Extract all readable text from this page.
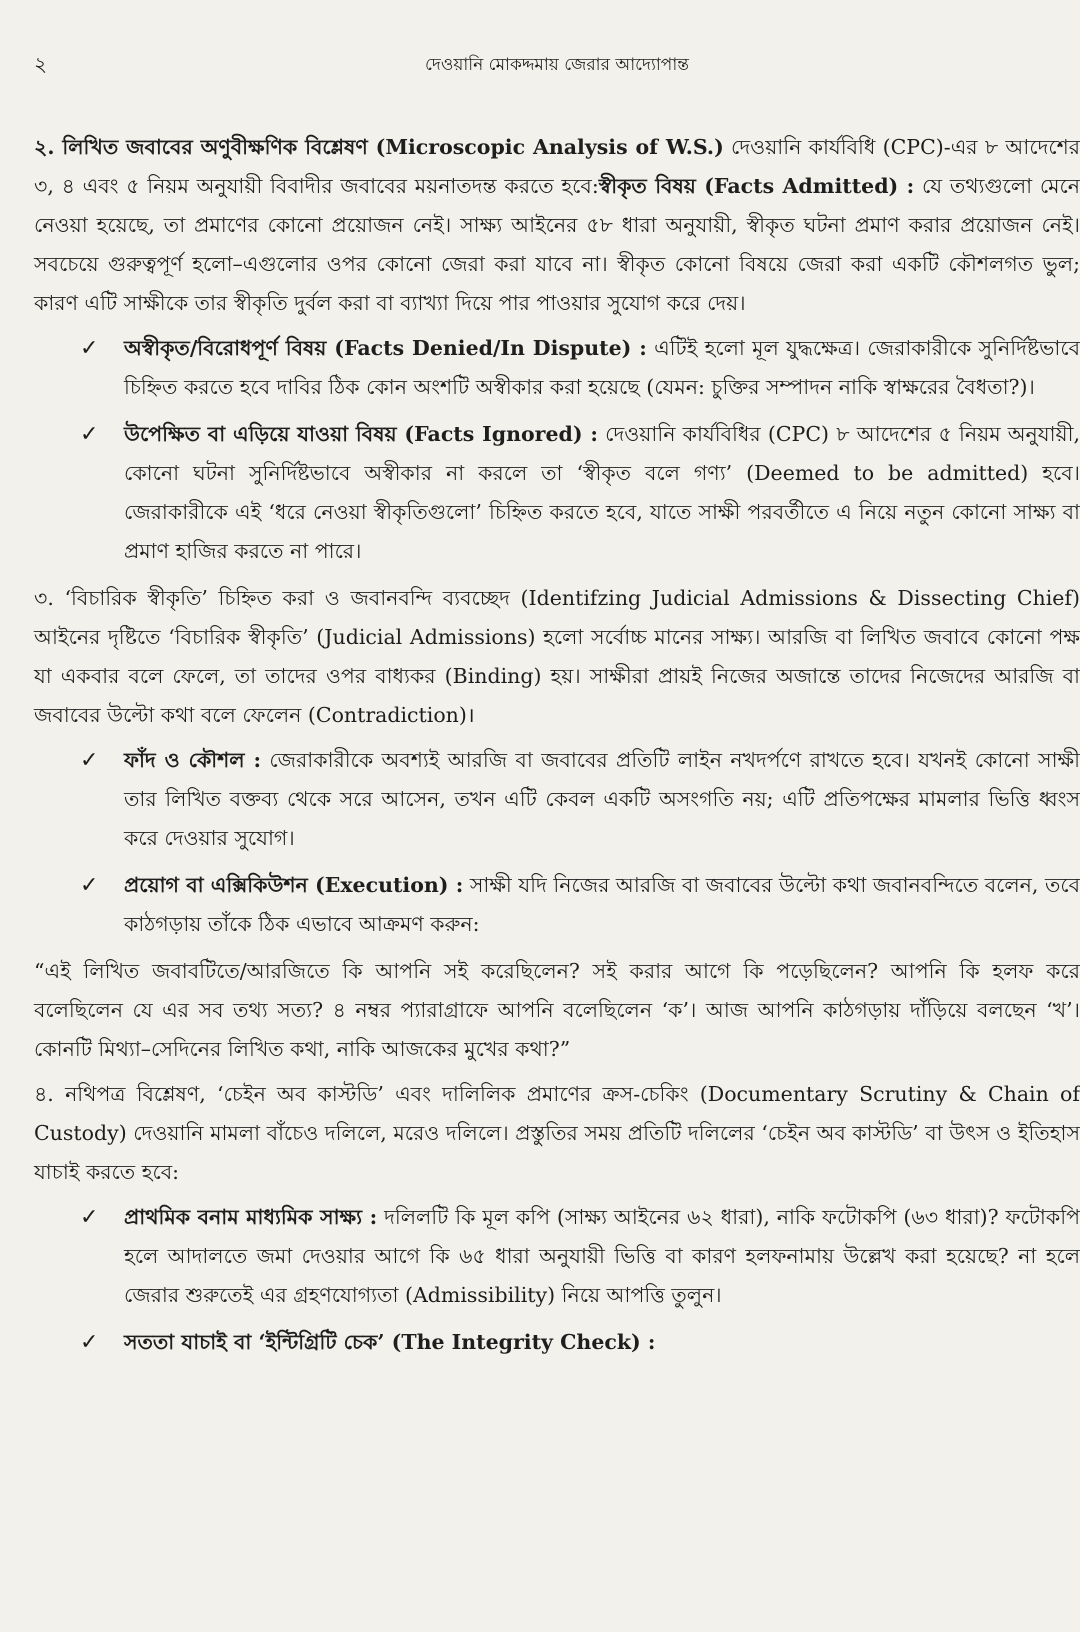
২	দেওয়ানি মোকদ্দমায় জেরার আদ্যোপান্ত

২. লিখিত জবাবের অণুবীক্ষণিক বিশ্লেষণ (Microscopic Analysis of W.S.) দেওয়ানি কার্যবিধি (CPC)-এর ৮ আদেশের ৩, ৪ এবং ৫ নিয়ম অনুযায়ী বিবাদীর জবাবের ময়নাতদন্ত করতে হবে:স্বীকৃত বিষয় (Facts Admitted) : যে তথ্যগুলো মেনে নেওয়া হয়েছে, তা প্রমাণের কোনো প্রয়োজন নেই। সাক্ষ্য আইনের ৫৮ ধারা অনুযায়ী, স্বীকৃত ঘটনা প্রমাণ করার প্রয়োজন নেই। সবচেয়ে গুরুত্বপূর্ণ হলো–এগুলোর ওপর কোনো জেরা করা যাবে না। স্বীকৃত কোনো বিষয়ে জেরা করা একটি কৌশলগত ভুল; কারণ এটি সাক্ষীকে তার স্বীকৃতি দুর্বল করা বা ব্যাখ্যা দিয়ে পার পাওয়ার সুযোগ করে দেয়।

✓ অস্বীকৃত/বিরোধপূর্ণ বিষয় (Facts Denied/In Dispute) : এটিই হলো মূল যুদ্ধক্ষেত্র। জেরাকারীকে সুনির্দিষ্টভাবে চিহ্নিত করতে হবে দাবির ঠিক কোন অংশটি অস্বীকার করা হয়েছে (যেমন: চুক্তির সম্পাদন নাকি স্বাক্ষরের বৈধতা?)।
✓ উপেক্ষিত বা এড়িয়ে যাওয়া বিষয় (Facts Ignored) : দেওয়ানি কার্যবিধির (CPC) ৮ আদেশের ৫ নিয়ম অনুযায়ী, কোনো ঘটনা সুনির্দিষ্টভাবে অস্বীকার না করলে তা ‘স্বীকৃত বলে গণ্য’ (Deemed to be admitted) হবে। জেরাকারীকে এই ‘ধরে নেওয়া স্বীকৃতিগুলো’ চিহ্নিত করতে হবে, যাতে সাক্ষী পরবর্তীতে এ নিয়ে নতুন কোনো সাক্ষ্য বা প্রমাণ হাজির করতে না পারে।

৩. ‘বিচারিক স্বীকৃতি’ চিহ্নিত করা ও জবানবন্দি ব্যবচ্ছেদ (Identifzing Judicial Admissions & Dissecting Chief) আইনের দৃষ্টিতে ‘বিচারিক স্বীকৃতি’ (Judicial Admissions) হলো সর্বোচ্চ মানের সাক্ষ্য। আরজি বা লিখিত জবাবে কোনো পক্ষ যা একবার বলে ফেলে, তা তাদের ওপর বাধ্যকর (Binding) হয়। সাক্ষীরা প্রায়ই নিজের অজান্তে তাদের নিজেদের আরজি বা জবাবের উল্টো কথা বলে ফেলেন (Contradiction)।

✓ ফাঁদ ও কৌশল : জেরাকারীকে অবশ্যই আরজি বা জবাবের প্রতিটি লাইন নখদর্পণে রাখতে হবে। যখনই কোনো সাক্ষী তার লিখিত বক্তব্য থেকে সরে আসেন, তখন এটি কেবল একটি অসংগতি নয়; এটি প্রতিপক্ষের মামলার ভিত্তি ধ্বংস করে দেওয়ার সুযোগ।
✓ প্রয়োগ বা এক্সিকিউশন (Execution) : সাক্ষী যদি নিজের আরজি বা জবাবের উল্টো কথা জবানবন্দিতে বলেন, তবে কাঠগড়ায় তাঁকে ঠিক এভাবে আক্রমণ করুন:

“এই লিখিত জবাবটিতে/আরজিতে কি আপনি সই করেছিলেন? সই করার আগে কি পড়েছিলেন? আপনি কি হলফ করে বলেছিলেন যে এর সব তথ্য সত্য? ৪ নম্বর প্যারাগ্রাফে আপনি বলেছিলেন ‘ক’। আজ আপনি কাঠগড়ায় দাঁড়িয়ে বলছেন ‘খ’। কোনটি মিথ্যা–সেদিনের লিখিত কথা, নাকি আজকের মুখের কথা?”

৪. নথিপত্র বিশ্লেষণ, ‘চেইন অব কাস্টডি’ এবং দালিলিক প্রমাণের ক্রস-চেকিং (Documentary Scrutiny & Chain of Custody) দেওয়ানি মামলা বাঁচেও দলিলে, মরেও দলিলে। প্রস্তুতির সময় প্রতিটি দলিলের ‘চেইন অব কাস্টডি’ বা উৎস ও ইতিহাস যাচাই করতে হবে:

✓ প্রাথমিক বনাম মাধ্যমিক সাক্ষ্য : দলিলটি কি মূল কপি (সাক্ষ্য আইনের ৬২ ধারা), নাকি ফটোকপি (৬৩ ধারা)? ফটোকপি হলে আদালতে জমা দেওয়ার আগে কি ৬৫ ধারা অনুযায়ী ভিত্তি বা কারণ হলফনামায় উল্লেখ করা হয়েছে? না হলে জেরার শুরুতেই এর গ্রহণযোগ্যতা (Admissibility) নিয়ে আপত্তি তুলুন।
✓ সততা যাচাই বা ‘ইন্টিগ্রিটি চেক’ (The Integrity Check) :
